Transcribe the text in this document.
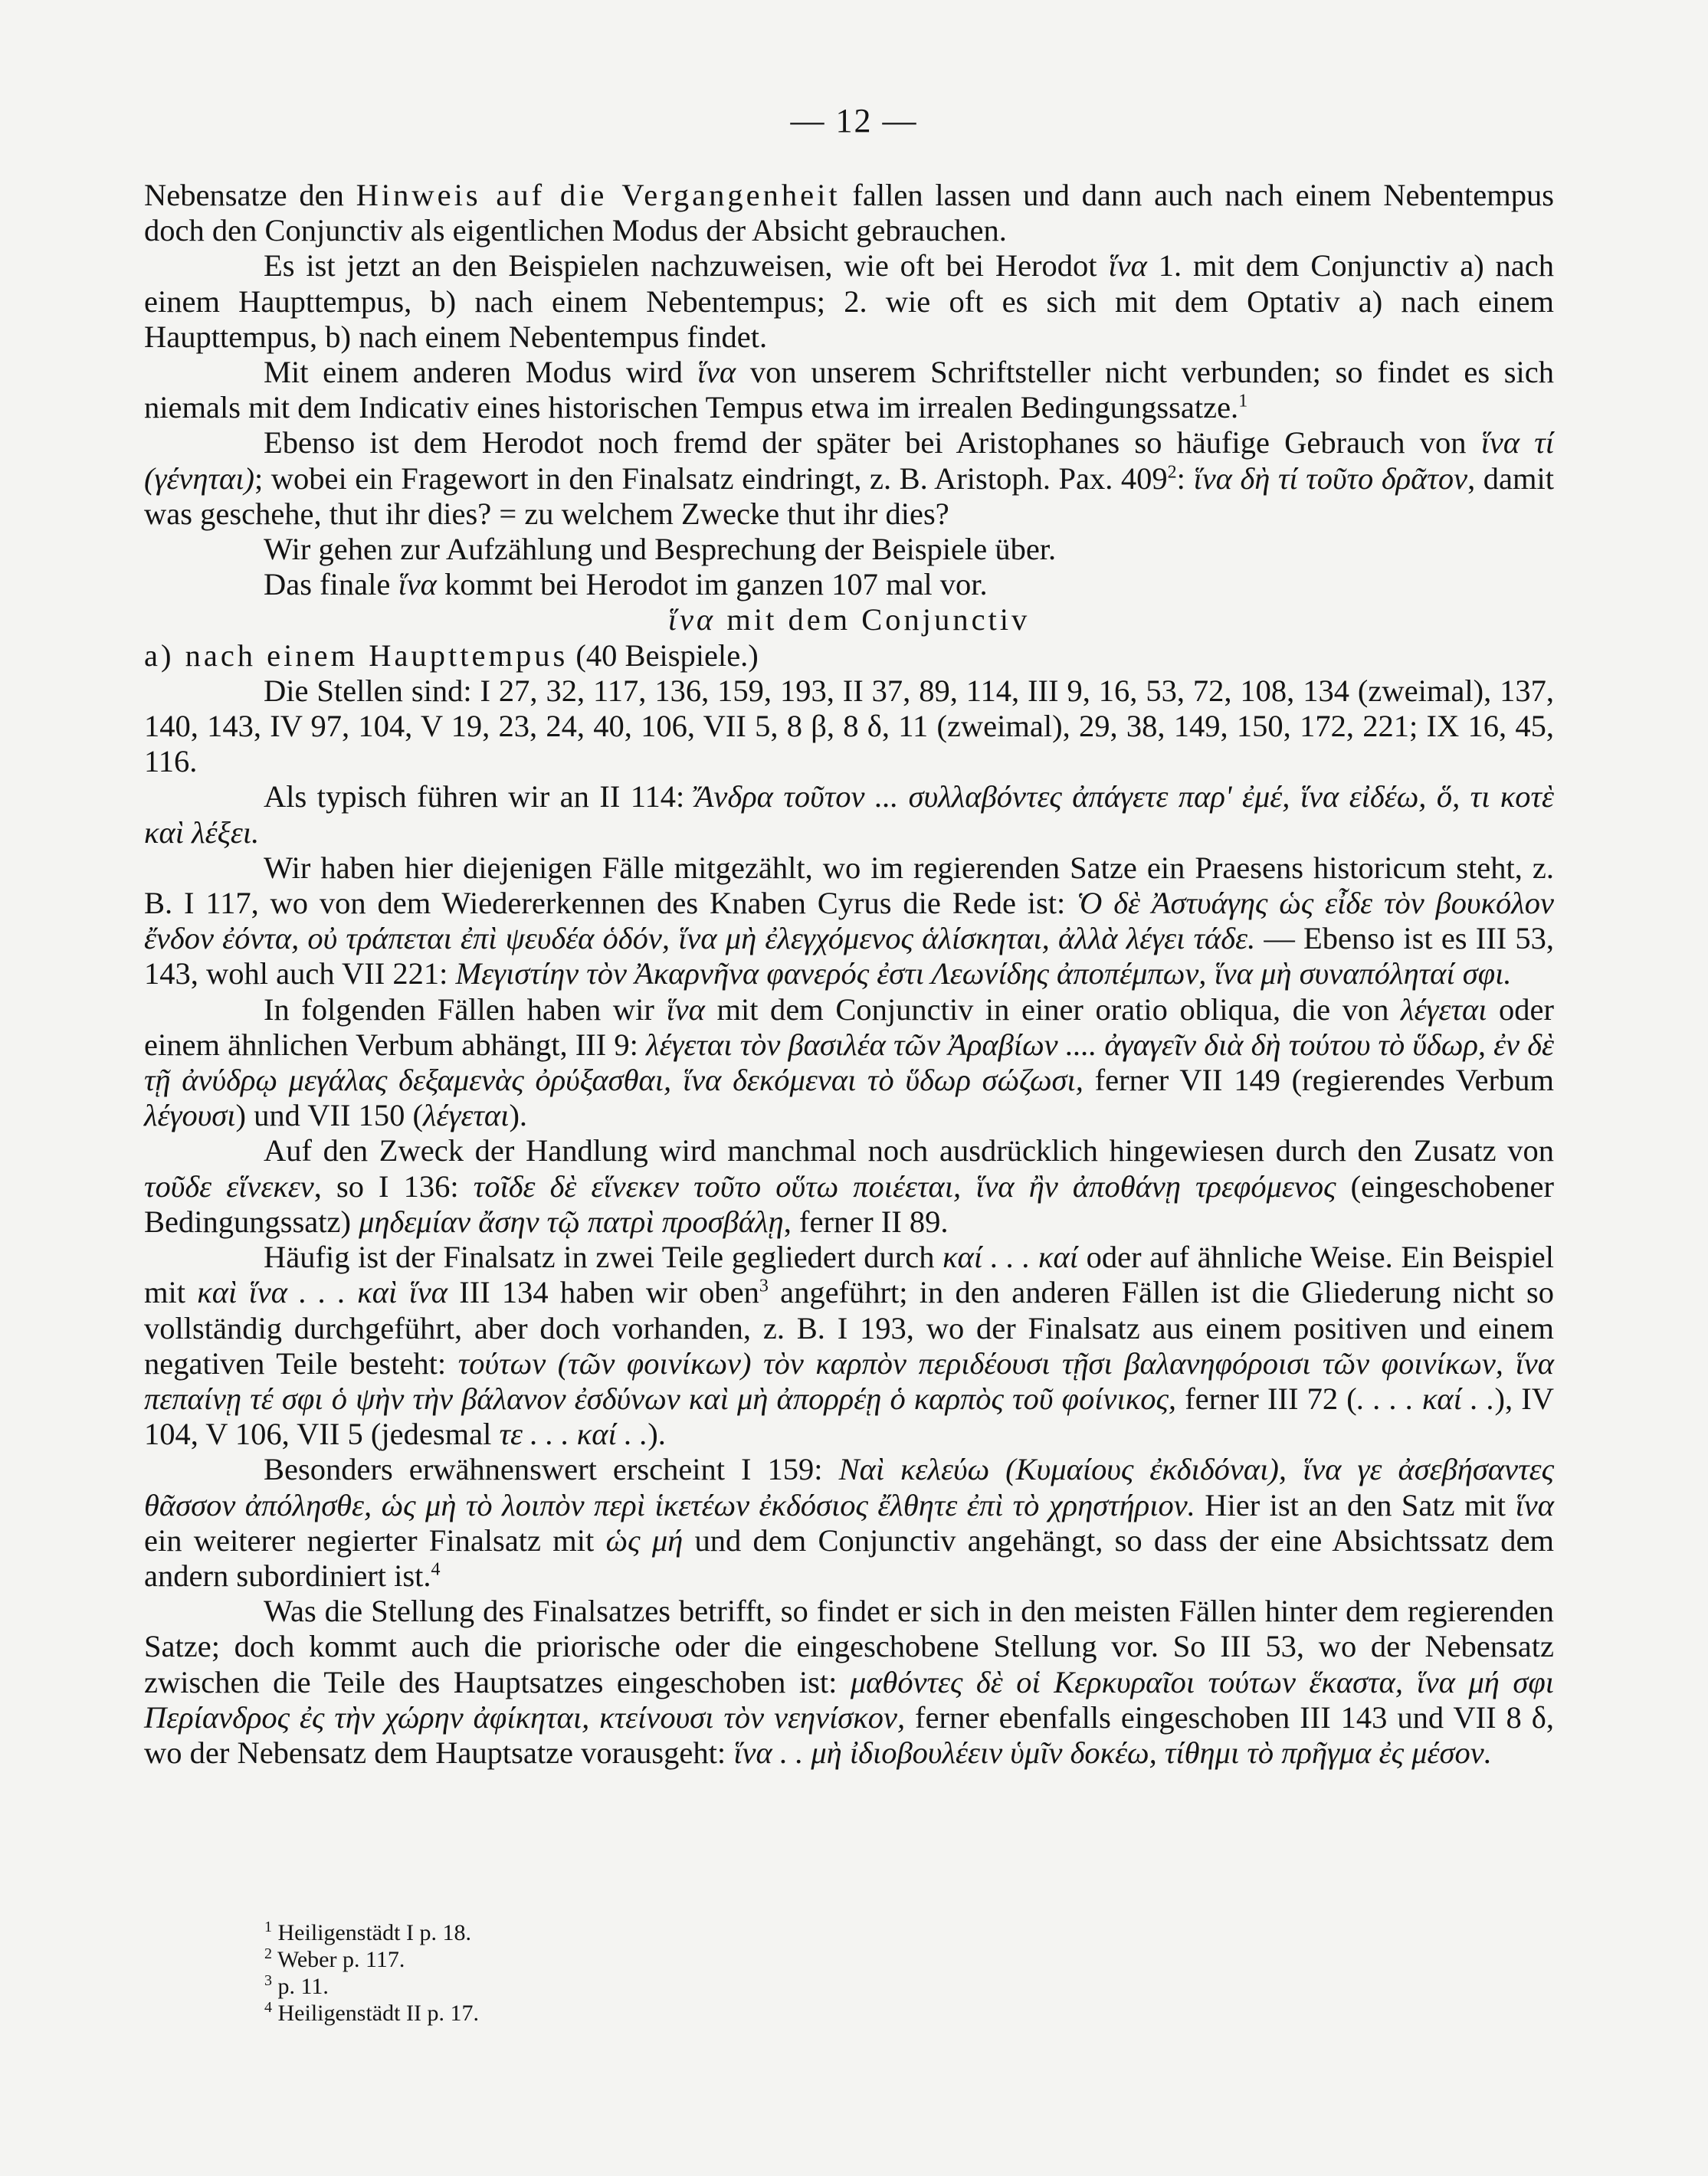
— 12 —

Nebensatze den Hinweis auf die Vergangenheit fallen lassen und dann auch nach einem Nebentempus doch den Conjunctiv als eigentlichen Modus der Absicht gebrauchen.

Es ist jetzt an den Beispielen nachzuweisen, wie oft bei Herodot ἵνα 1. mit dem Conjunctiv a) nach einem Haupttempus, b) nach einem Nebentempus; 2. wie oft es sich mit dem Optativ a) nach einem Haupttempus, b) nach einem Nebentempus findet.

Mit einem anderen Modus wird ἵνα von unserem Schriftsteller nicht verbunden; so findet es sich niemals mit dem Indicativ eines historischen Tempus etwa im irrealen Bedingungssatze.$^1$

Ebenso ist dem Herodot noch fremd der später bei Aristophanes so häufige Gebrauch von ἵνα τί (γένηται); wobei ein Fragewort in den Finalsatz eindringt, z. B. Aristoph. Pax. $409^2$: ἵνα δὴ τί τοῦτο δρᾶτον, damit was geschehe, thut ihr dies? = zu welchem Zwecke thut ihr dies?

Wir gehen zur Aufzählung und Besprechung der Beispiele über.

Das finale ἵνα kommt bei Herodot im ganzen 107 mal vor.

ἵνα mit dem Conjunctiv

a) nach einem Haupttempus (40 Beispiele.)

Die Stellen sind: I 27, 32, 117, 136, 159, 193, II 37, 89, 114, III 9, 16, 53, 72, 108, 134 (zweimal), 137, 140, 143, IV 97, 104, V 19, 23, 24, 40, 106, VII 5, 8 β, 8 δ, 11 (zweimal), 29, 38, 149, 150, 172, 221; IX 16, 45, 116.

Als typisch führen wir an II 114: Ἄνδρα τοῦτον ... συλλαβόντες ἀπάγετε παρ' ἐμέ, ἵνα εἰδέω, ὅ, τι κοτὲ καὶ λέξει.

Wir haben hier diejenigen Fälle mitgezählt, wo im regierenden Satze ein Praesens historicum steht, z. B. I 117, wo von dem Wiedererkennen des Knaben Cyrus die Rede ist: Ὁ δὲ Ἀστυάγης ὡς εἶδε τὸν βουκόλον ἔνδον ἐόντα, οὐ τράπεται ἐπὶ ψευδέα ὁδόν, ἵνα μὴ ἐλεγχόμενος ἁλίσκηται, ἀλλὰ λέγει τάδε. — Ebenso ist es III 53, 143, wohl auch VII 221: Μεγιστίην τὸν Ἀκαρνῆνα φανερός ἐστι Λεωνίδης ἀποπέμπων, ἵνα μὴ συναπόληταί σφι.

In folgenden Fällen haben wir ἵνα mit dem Conjunctiv in einer oratio obliqua, die von λέγεται oder einem ähnlichen Verbum abhängt, III 9: λέγεται τὸν βασιλέα τῶν Ἀραβίων .... ἀγαγεῖν διὰ δὴ τούτου τὸ ὕδωρ, ἐν δὲ τῇ ἀνύδρῳ μεγάλας δεξαμενὰς ὀρύξασθαι, ἵνα δεκόμεναι τὸ ὕδωρ σώζωσι, ferner VII 149 (regierendes Verbum λέγουσι) und VII 150 (λέγεται).

Auf den Zweck der Handlung wird manchmal noch ausdrücklich hingewiesen durch den Zusatz von τοῦδε εἵνεκεν, so I 136: τοῖδε δὲ εἵνεκεν τοῦτο οὕτω ποιέεται, ἵνα ἢν ἀποθάνῃ τρεφόμενος (eingeschobener Bedingungssatz) μηδεμίαν ἄσην τῷ πατρὶ προσβάλῃ, ferner II 89.

Häufig ist der Finalsatz in zwei Teile gegliedert durch καί . . . καί oder auf ähnliche Weise. Ein Beispiel mit καὶ ἵνα . . . καὶ ἵνα III 134 haben wir oben$^3$ angeführt; in den anderen Fällen ist die Gliederung nicht so vollständig durchgeführt, aber doch vorhanden, z. B. I 193, wo der Finalsatz aus einem positiven und einem negativen Teile besteht: τούτων (τῶν φοινίκων) τὸν καρπὸν περιδέουσι τῇσι βαλανηφόροισι τῶν φοινίκων, ἵνα πεπαίνῃ τέ σφι ὁ ψὴν τὴν βάλανον ἐσδύνων καὶ μὴ ἀπορρέῃ ὁ καρπὸς τοῦ φοίνικος, ferner III 72 (. . . . καί . .), IV 104, V 106, VII 5 (jedesmal τε . . . καί . .).

Besonders erwähnenswert erscheint I 159: Ναὶ κελεύω (Κυμαίους ἐκδιδόναι), ἵνα γε ἀσεβήσαντες θᾶσσον ἀπόλησθε, ὡς μὴ τὸ λοιπὸν περὶ ἱκετέων ἐκδόσιος ἔλθητε ἐπὶ τὸ χρηστήριον. Hier ist an den Satz mit ἵνα ein weiterer negierter Finalsatz mit ὡς μή und dem Conjunctiv angehängt, so dass der eine Absichtssatz dem andern subordiniert ist.$^4$

Was die Stellung des Finalsatzes betrifft, so findet er sich in den meisten Fällen hinter dem regierenden Satze; doch kommt auch die priorische oder die eingeschobene Stellung vor. So III 53, wo der Nebensatz zwischen die Teile des Hauptsatzes eingeschoben ist: μαθόντες δὲ οἱ Κερκυραῖοι τούτων ἕκαστα, ἵνα μή σφι Περίανδρος ἐς τὴν χώρην ἀφίκηται, κτείνουσι τὸν νεηνίσκον, ferner ebenfalls eingeschoben III 143 und VII 8 δ, wo der Nebensatz dem Hauptsatze vorausgeht: ἵνα . . μὴ ἰδιοβουλέειν ὑμῖν δοκέω, τίθημι τὸ πρῆγμα ἐς μέσον.

$^1$ Heiligenstädt I p. 18.
$^2$ Weber p. 117.
$^3$ p. 11.
$^4$ Heiligenstädt II p. 17.
